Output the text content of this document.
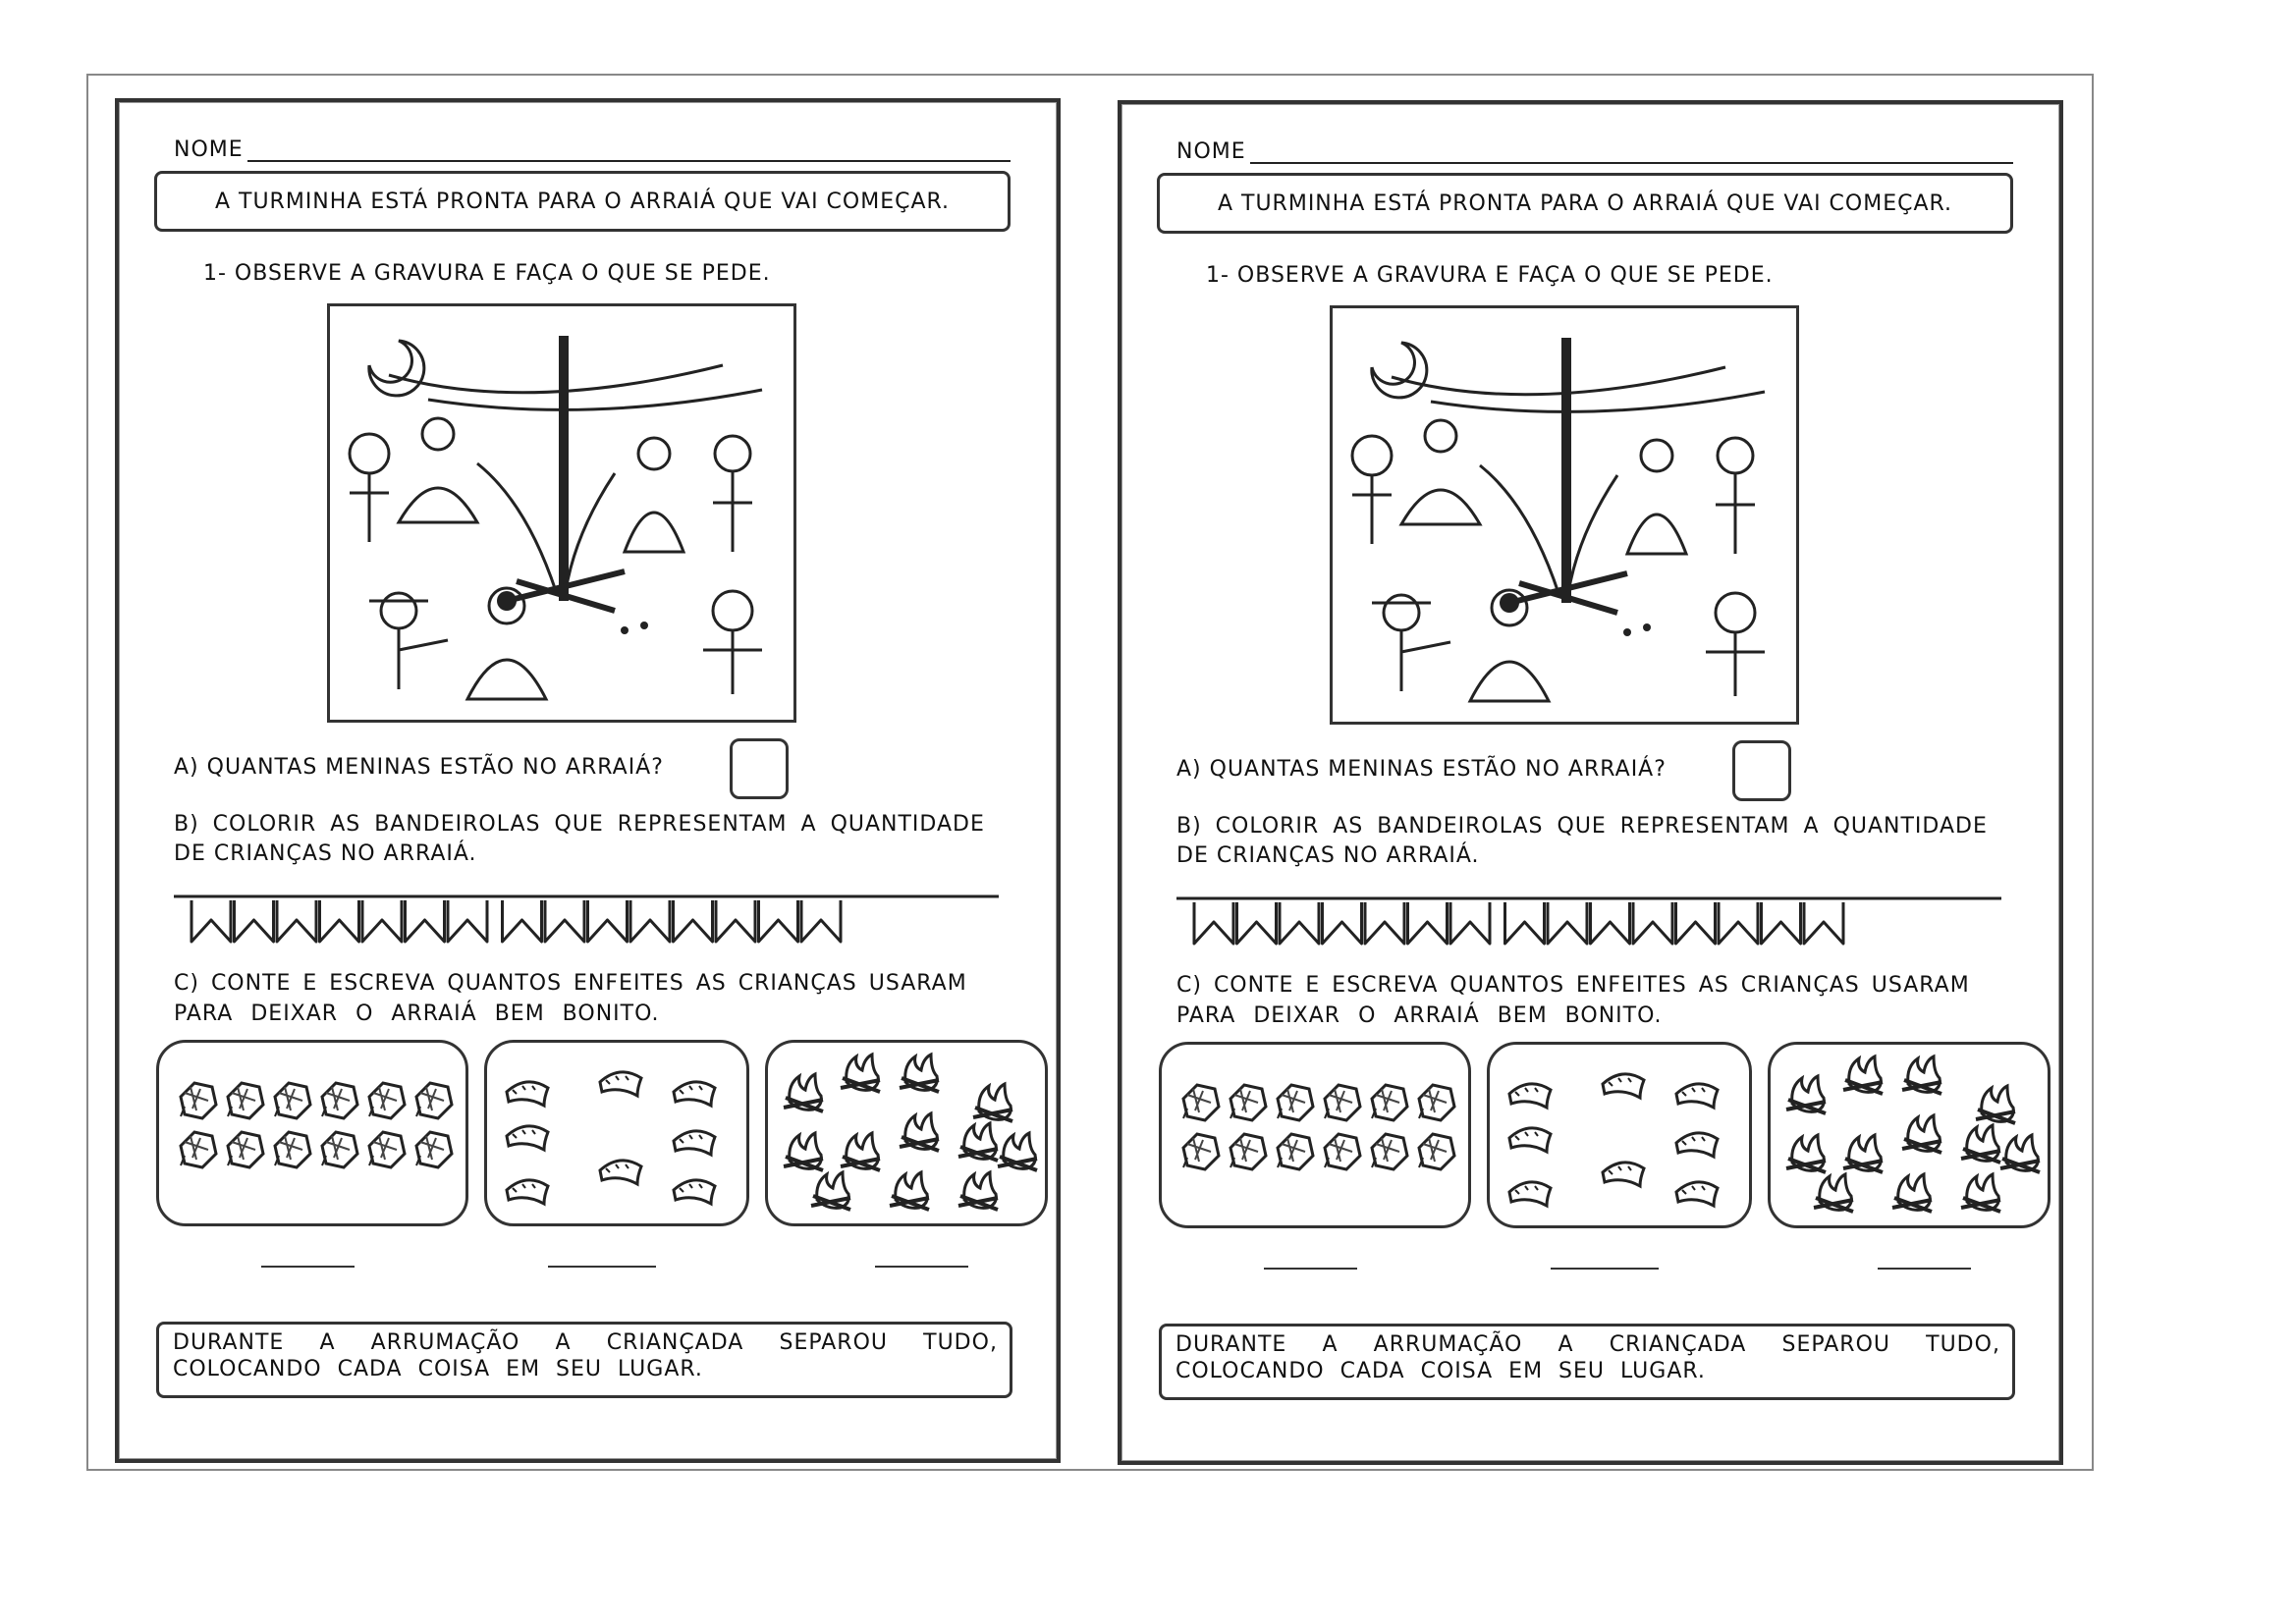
NOME
A TURMINHA ESTÁ PRONTA PARA O ARRAIÁ QUE VAI COMEÇAR.
1- OBSERVE A GRAVURA E FAÇA O QUE SE PEDE.
A) QUANTAS MENINAS ESTÃO NO ARRAIÁ?
B) COLORIR AS BANDEIROLAS QUE REPRESENTAM A QUANTIDADE
DE CRIANÇAS NO ARRAIÁ.
C) CONTE E ESCREVA QUANTOS ENFEITES AS CRIANÇAS USARAM
PARA DEIXAR O ARRAIÁ BEM BONITO.
DURANTE A ARRUMAÇÃO A CRIANÇADA SEPAROU TUDO,
COLOCANDO CADA COISA EM SEU LUGAR.
NOME
A TURMINHA ESTÁ PRONTA PARA O ARRAIÁ QUE VAI COMEÇAR.
1- OBSERVE A GRAVURA E FAÇA O QUE SE PEDE.
A) QUANTAS MENINAS ESTÃO NO ARRAIÁ?
B) COLORIR AS BANDEIROLAS QUE REPRESENTAM A QUANTIDADE
DE CRIANÇAS NO ARRAIÁ.
C) CONTE E ESCREVA QUANTOS ENFEITES AS CRIANÇAS USARAM
PARA DEIXAR O ARRAIÁ BEM BONITO.
DURANTE A ARRUMAÇÃO A CRIANÇADA SEPAROU TUDO,
COLOCANDO CADA COISA EM SEU LUGAR.
